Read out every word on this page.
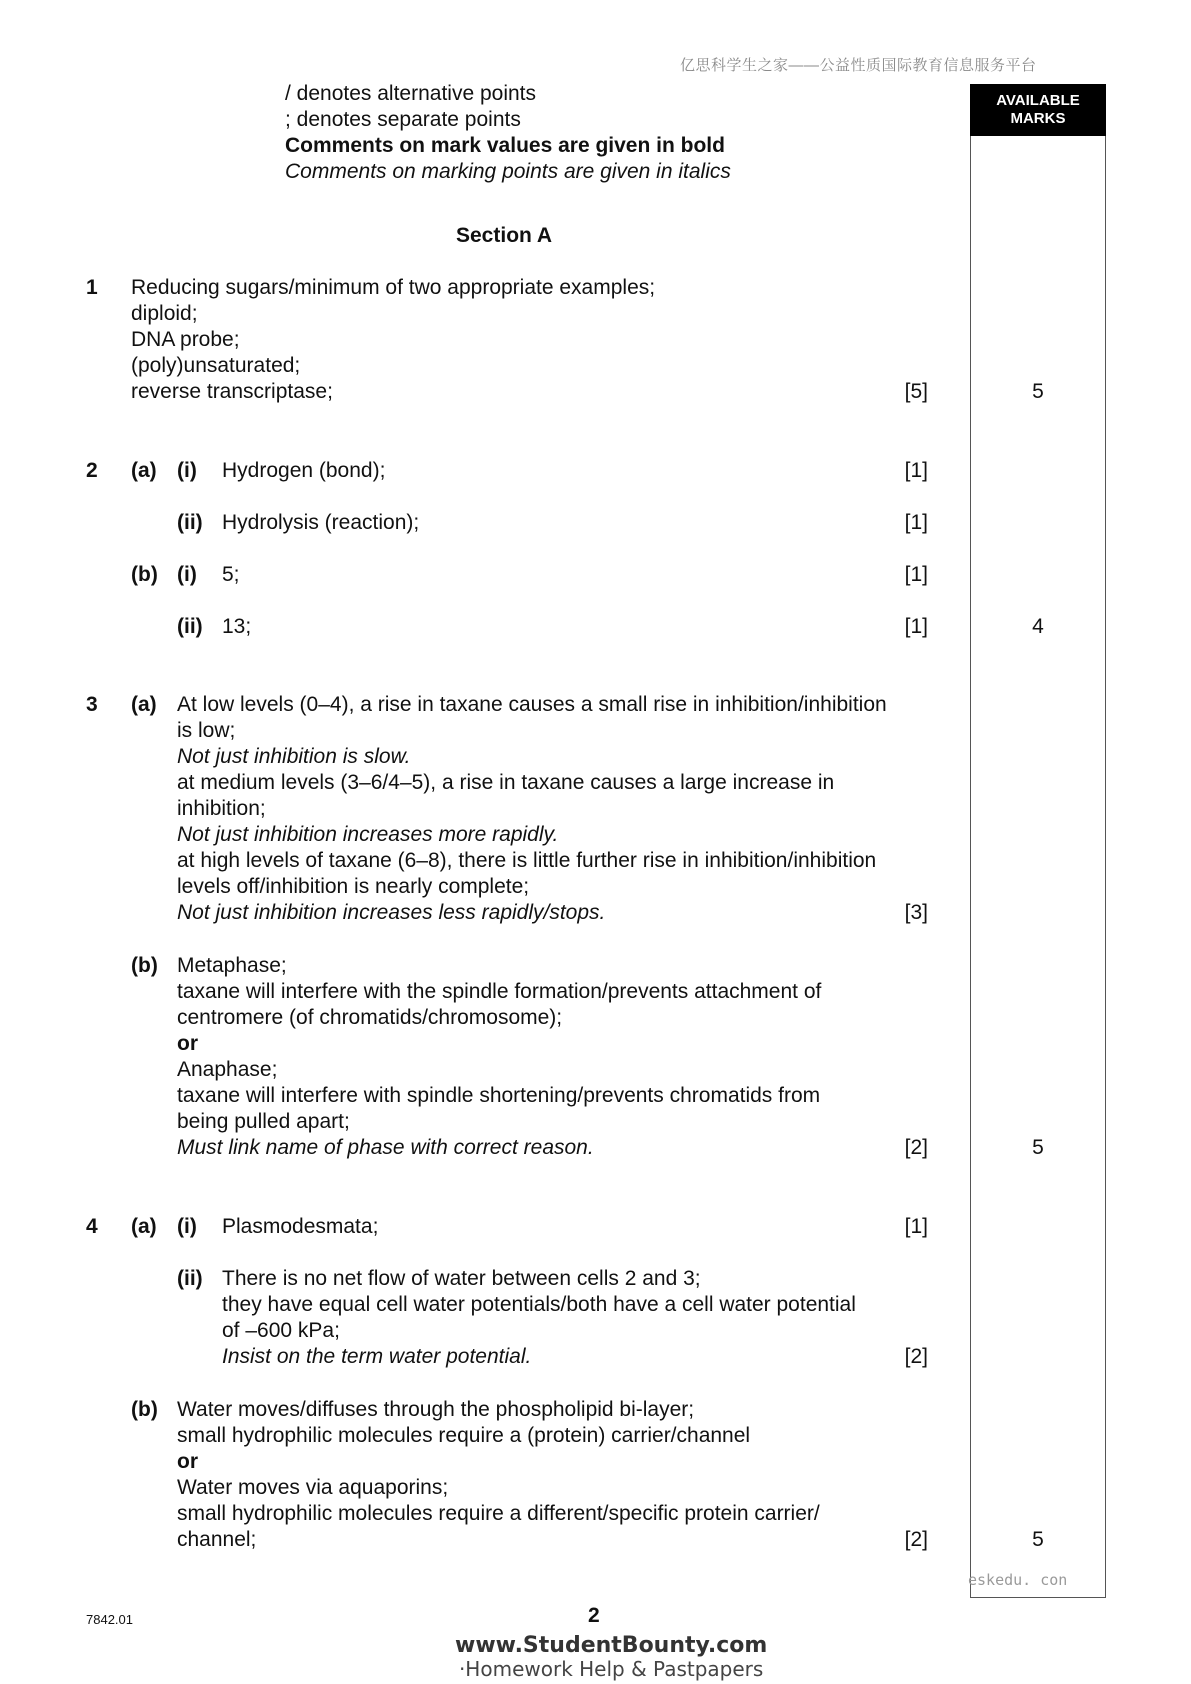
亿思科学生之家——公益性质国际教育信息服务平台
AVAILABLE
MARKS
/ denotes alternative points
; denotes separate points
Comments on mark values are given in bold
Comments on marking points are given in italics
Section A
1 Reducing sugars/minimum of two appropriate examples;
diploid;
DNA probe;
(poly)unsaturated;
reverse transcriptase;	[5]	5
2 (a) (i) Hydrogen (bond);	[1]
(ii) Hydrolysis (reaction);	[1]
(b) (i) 5;	[1]
(ii) 13;	[1]	4
3 (a) At low levels (0–4), a rise in taxane causes a small rise in inhibition/inhibition
is low;
Not just inhibition is slow.
at medium levels (3–6/4–5), a rise in taxane causes a large increase in
inhibition;
Not just inhibition increases more rapidly.
at high levels of taxane (6–8), there is little further rise in inhibition/inhibition
levels off/inhibition is nearly complete;
Not just inhibition increases less rapidly/stops.	[3]
(b) Metaphase;
taxane will interfere with the spindle formation/prevents attachment of
centromere (of chromatids/chromosome);
or
Anaphase;
taxane will interfere with spindle shortening/prevents chromatids from
being pulled apart;
Must link name of phase with correct reason.	[2]	5
4 (a) (i) Plasmodesmata;	[1]
(ii) There is no net flow of water between cells 2 and 3;
they have equal cell water potentials/both have a cell water potential
of –600 kPa;
Insist on the term water potential.	[2]
(b) Water moves/diffuses through the phospholipid bi-layer;
small hydrophilic molecules require a (protein) carrier/channel
or
Water moves via aquaporins;
small hydrophilic molecules require a different/specific protein carrier/
channel;	[2]	5
eskedu. con
7842.01	2
www.StudentBounty.com
·Homework Help & Pastpapers
